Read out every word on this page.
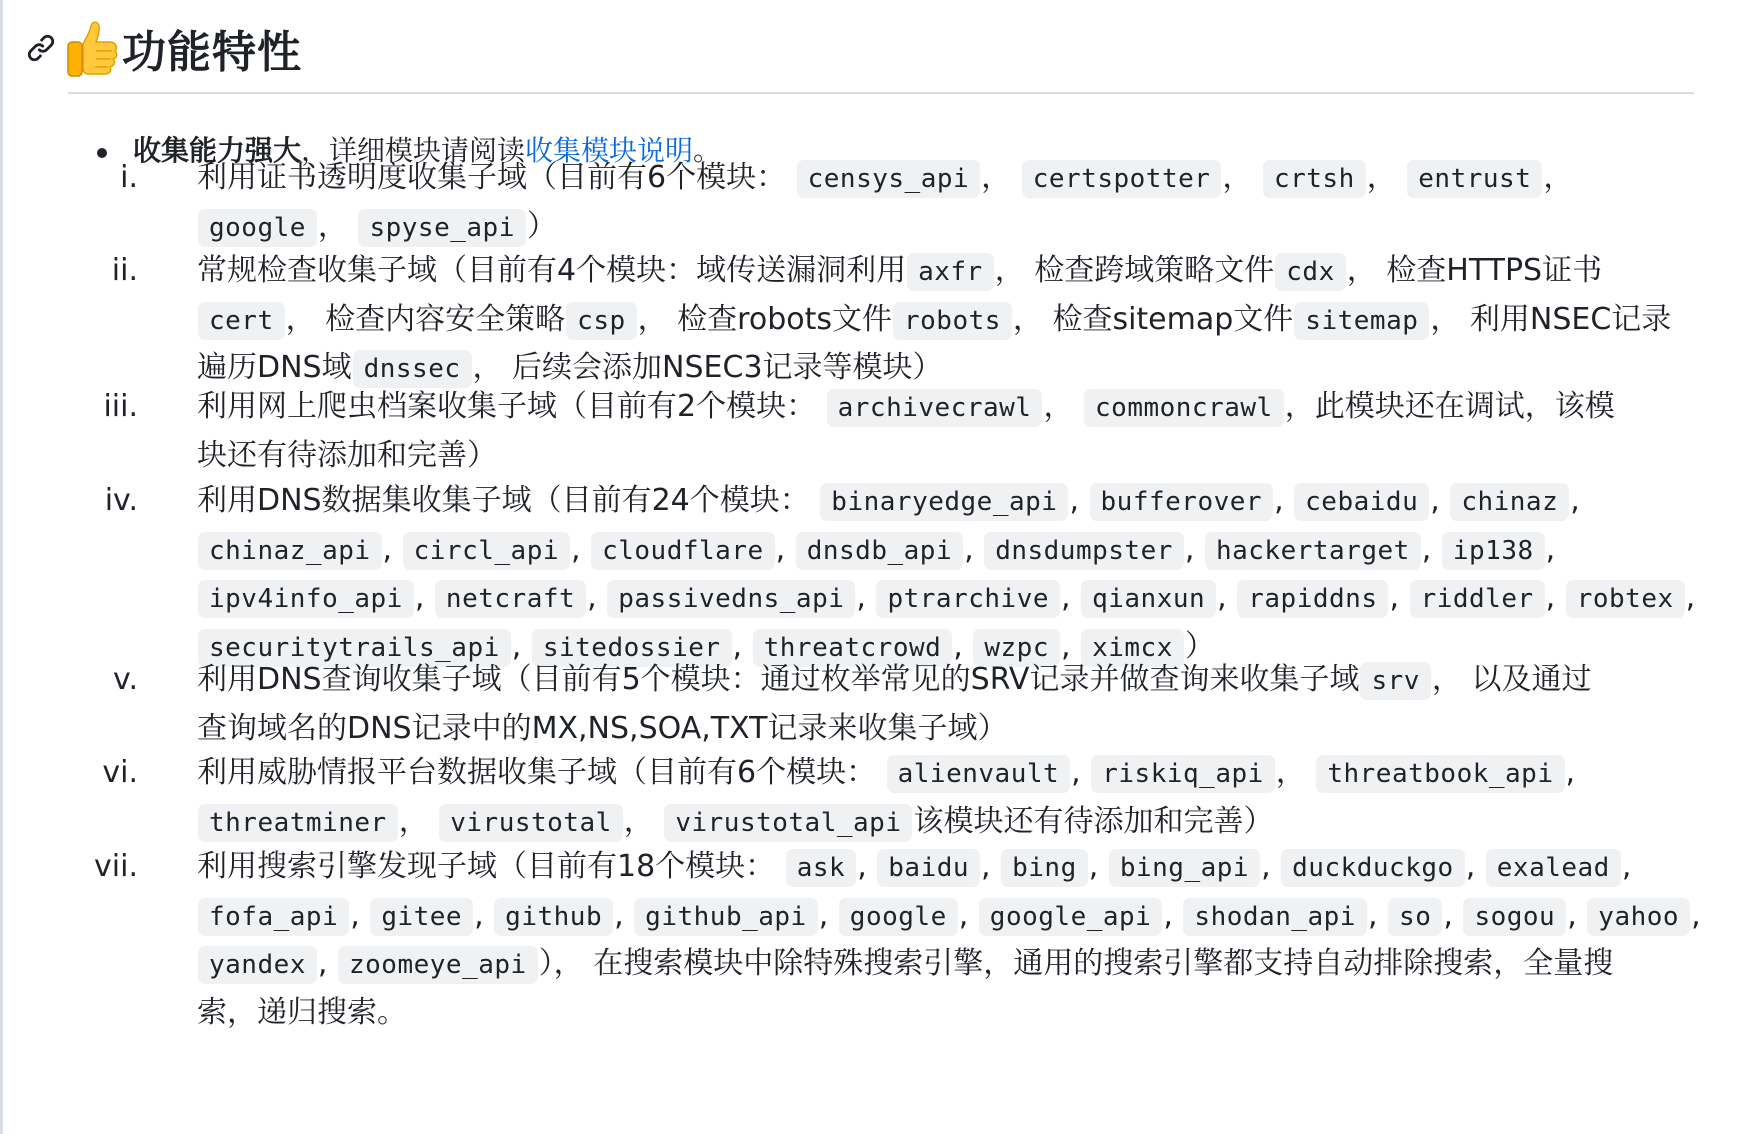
功能特性
收集能力强大，详细模块请阅读收集模块说明。
i. 利用证书透明度收集子域（目前有6个模块： censys_api ， certspotter ， crtsh ， entrust ，
google ， spyse_api ）
ii. 常规检查收集子域（目前有4个模块：域传送漏洞利用 axfr ， 检查跨域策略文件 cdx ， 检查HTTPS证书
cert ， 检查内容安全策略 csp ， 检查robots文件 robots ， 检查sitemap文件 sitemap ， 利用NSEC记录
遍历DNS域 dnssec ， 后续会添加NSEC3记录等模块）
iii. 利用网上爬虫档案收集子域（目前有2个模块： archivecrawl ， commoncrawl ，此模块还在调试，该模
块还有待添加和完善）
iv. 利用DNS数据集收集子域（目前有24个模块： binaryedge_api , bufferover , cebaidu , chinaz ,
chinaz_api , circl_api , cloudflare , dnsdb_api , dnsdumpster , hackertarget , ip138 ,
ipv4info_api , netcraft , passivedns_api , ptrarchive , qianxun , rapiddns , riddler , robtex ,
securitytrails_api , sitedossier , threatcrowd , wzpc , ximcx ）
v. 利用DNS查询收集子域（目前有5个模块：通过枚举常见的SRV记录并做查询来收集子域 srv ， 以及通过
查询域名的DNS记录中的MX,NS,SOA,TXT记录来收集子域）
vi. 利用威胁情报平台数据收集子域（目前有6个模块： alienvault , riskiq_api ， threatbook_api ,
threatminer ， virustotal ， virustotal_api 该模块还有待添加和完善）
vii. 利用搜索引擎发现子域（目前有18个模块： ask , baidu , bing , bing_api , duckduckgo , exalead ,
fofa_api , gitee , github , github_api , google , google_api , shodan_api , so , sogou , yahoo ,
yandex , zoomeye_api ）， 在搜索模块中除特殊搜索引擎，通用的搜索引擎都支持自动排除搜索，全量搜
索，递归搜索。
